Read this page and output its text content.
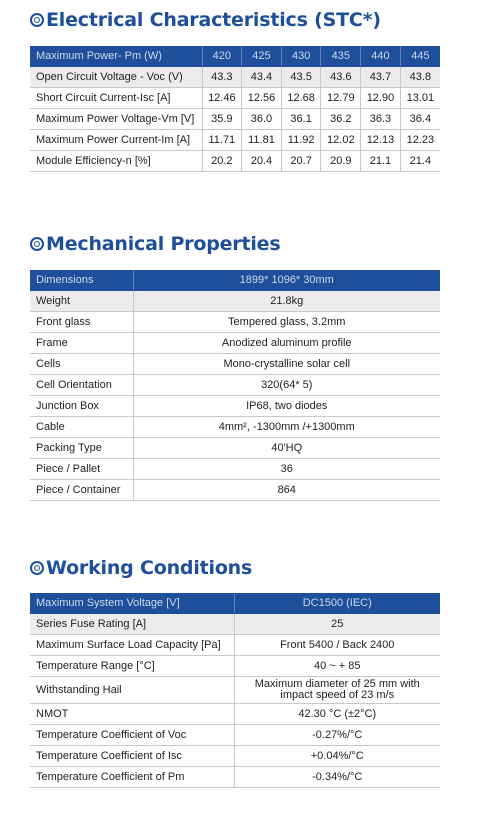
Electrical Characteristics (STC*)
Maximum Power- Pm (W)	420	425	430	435	440	445
Open Circuit Voltage - Voc (V)	43.3	43.4	43.5	43.6	43.7	43.8
Short Circuit Current-Isc [A]	12.46	12.56	12.68	12.79	12.90	13.01
Maximum Power Voltage-Vm [V]	35.9	36.0	36.1	36.2	36.3	36.4
Maximum Power Current-Im [A]	11.71	11.81	11.92	12.02	12.13	12.23
Module Efficiency-n [%]	20.2	20.4	20.7	20.9	21.1	21.4
Mechanical Properties
Dimensions	1899* 1096* 30mm
Weight	21.8kg
Front glass	Tempered glass, 3.2mm
Frame	Anodized aluminum profile
Cells	Mono-crystalline solar cell
Cell Orientation	320(64* 5)
Junction Box	IP68, two diodes
Cable	4mm², -1300mm /+1300mm
Packing Type	40'HQ
Piece / Pallet	36
Piece / Container	864
Working Conditions
Maximum System Voltage [V]	DC1500 (IEC)
Series Fuse Rating [A]	25
Maximum Surface Load Capacity [Pa]	Front 5400 / Back 2400
Temperature Range [°C]	40 ~ + 85
Withstanding Hail	Maximum diameter of 25 mm with impact speed of 23 m/s
NMOT	42.30 °C (±2°C)
Temperature Coefficient of Voc	-0.27%/°C
Temperature Coefficient of Isc	+0.04%/°C
Temperature Coefficient of Pm	-0.34%/°C
